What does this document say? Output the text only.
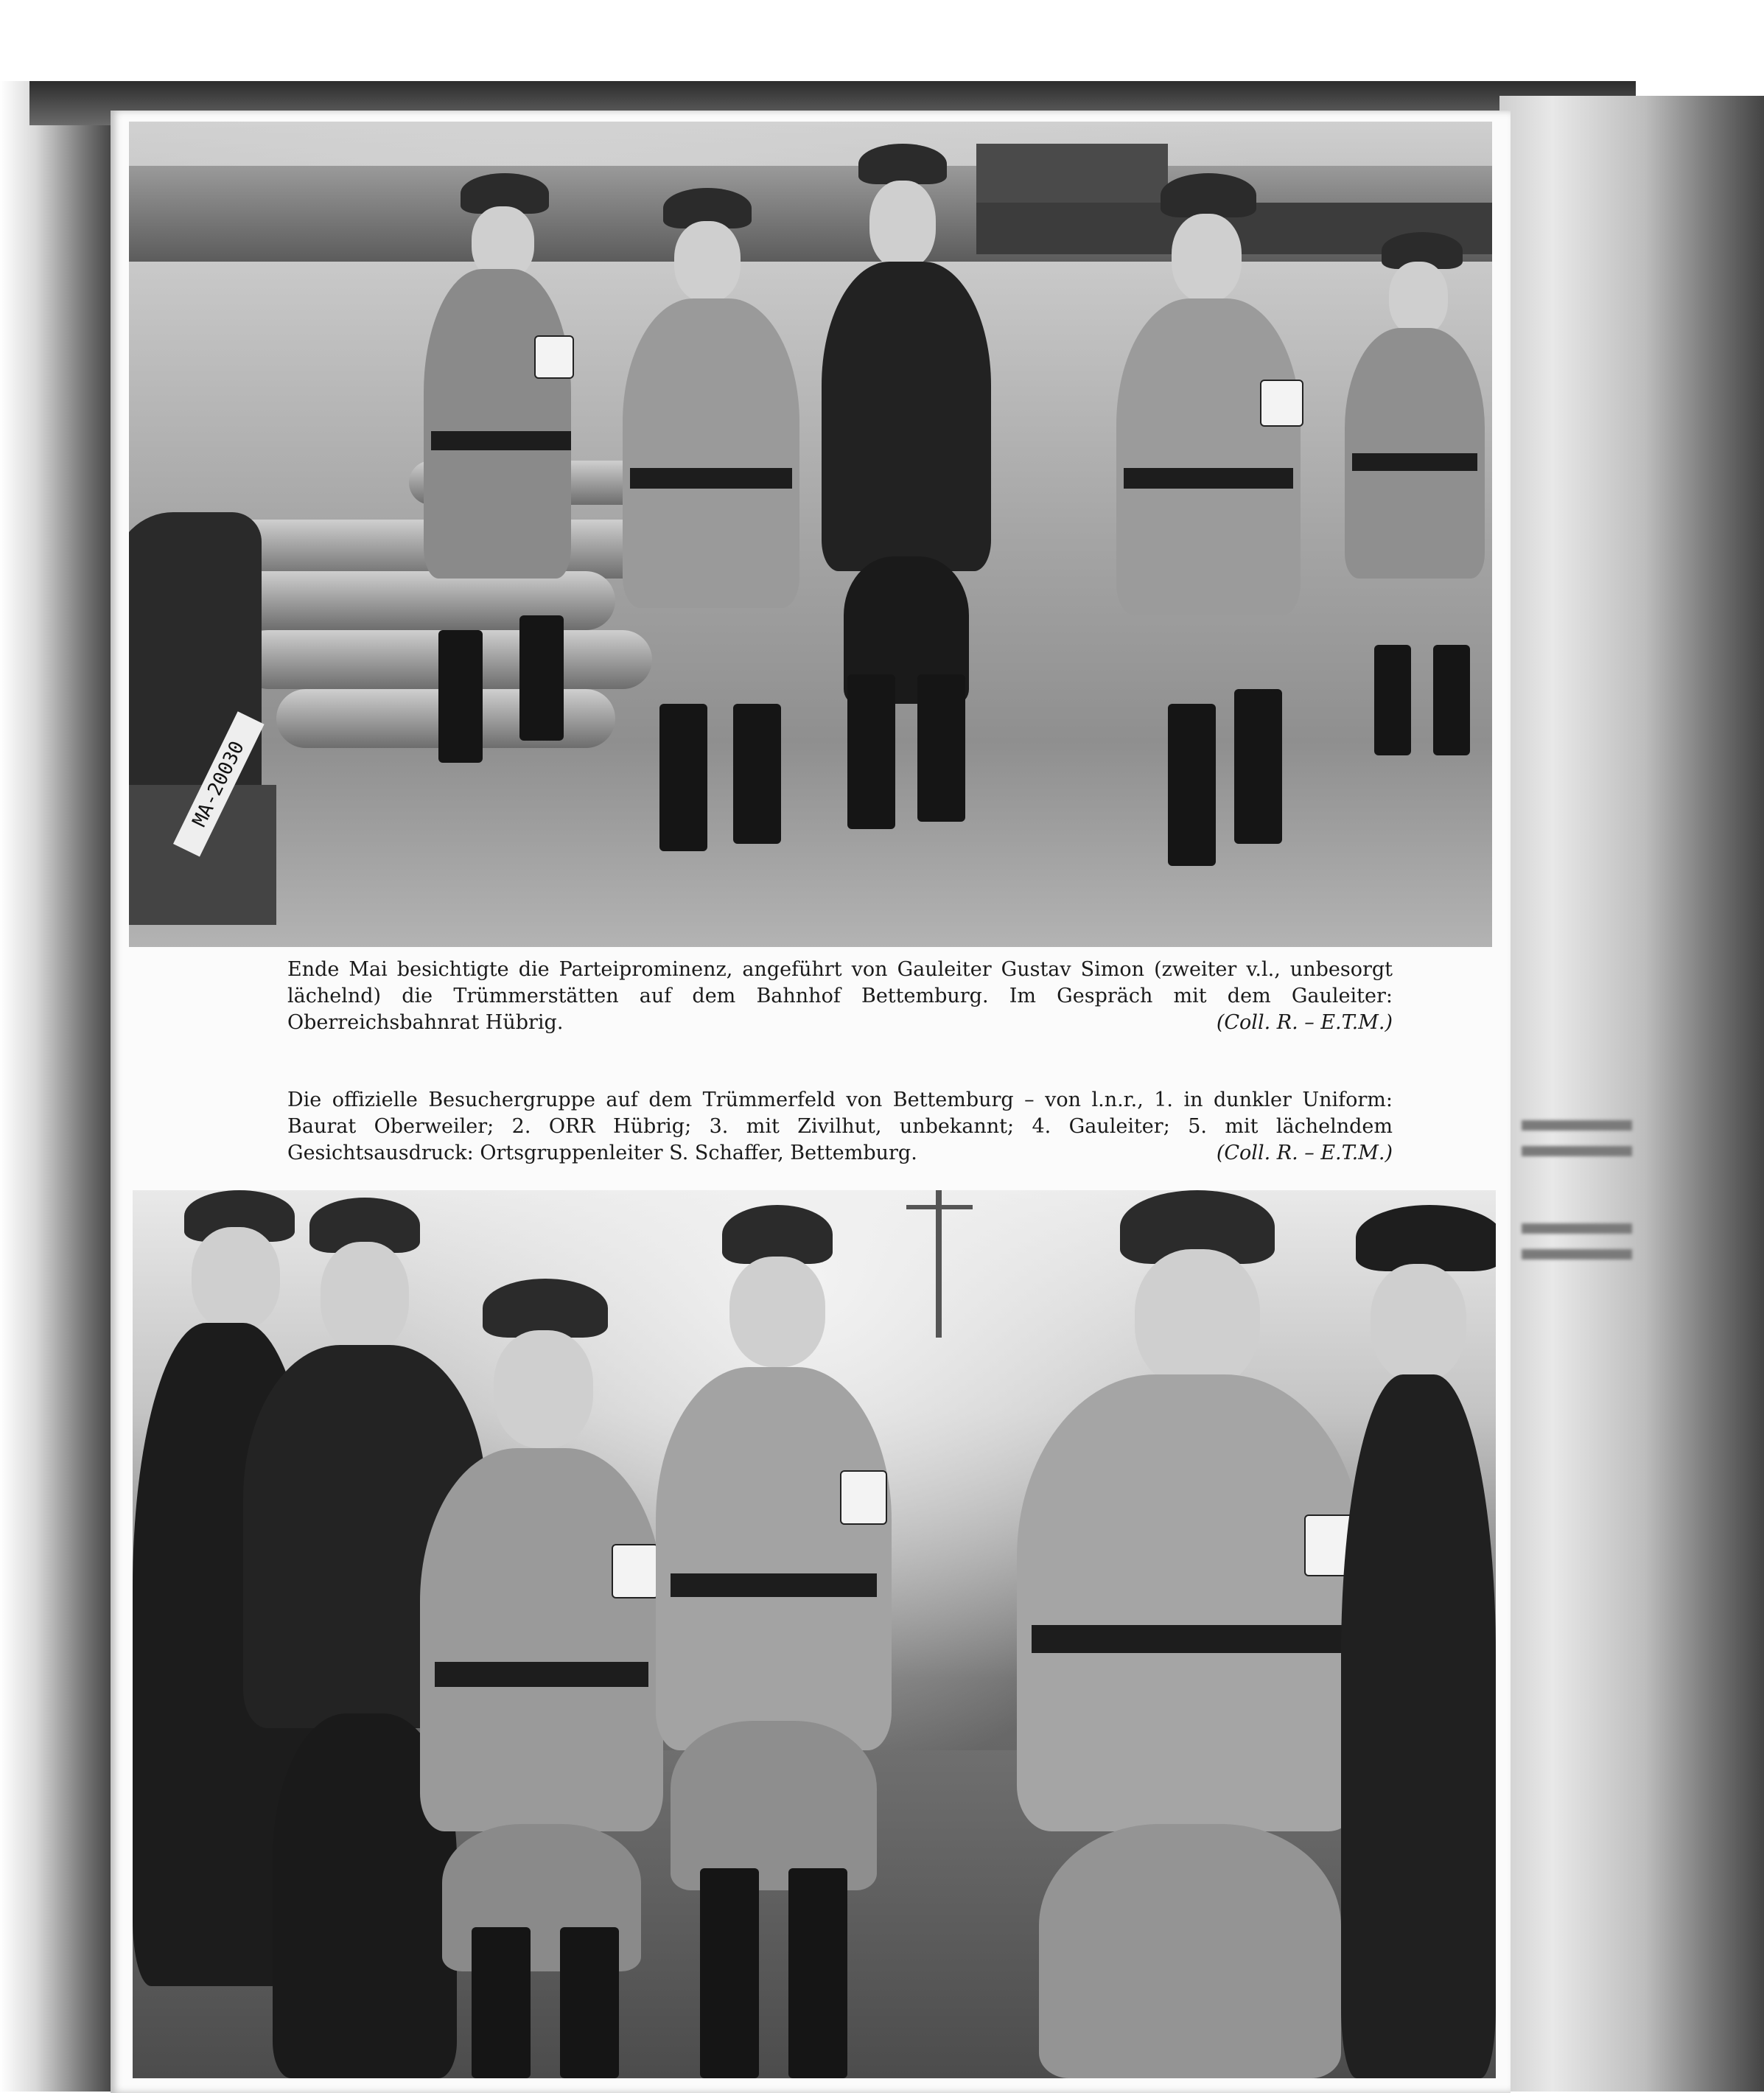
MA-20030
Ende Mai besichtigte die Parteiprominenz, angeführt von Gauleiter Gustav Simon (zweiter v.l., unbesorgt
lächelnd) die Trümmerstätten auf dem Bahnhof Bettemburg. Im Gespräch mit dem Gauleiter:
Oberreichsbahnrat Hübrig.	(Coll. R. – E.T.M.)
Die offizielle Besuchergruppe auf dem Trümmerfeld von Bettemburg – von l.n.r., 1. in dunkler Uniform:
Baurat Oberweiler; 2. ORR Hübrig; 3. mit Zivilhut, unbekannt; 4. Gauleiter; 5. mit lächelndem
Gesichtsausdruck: Ortsgruppenleiter S. Schaffer, Bettemburg.	(Coll. R. – E.T.M.)
